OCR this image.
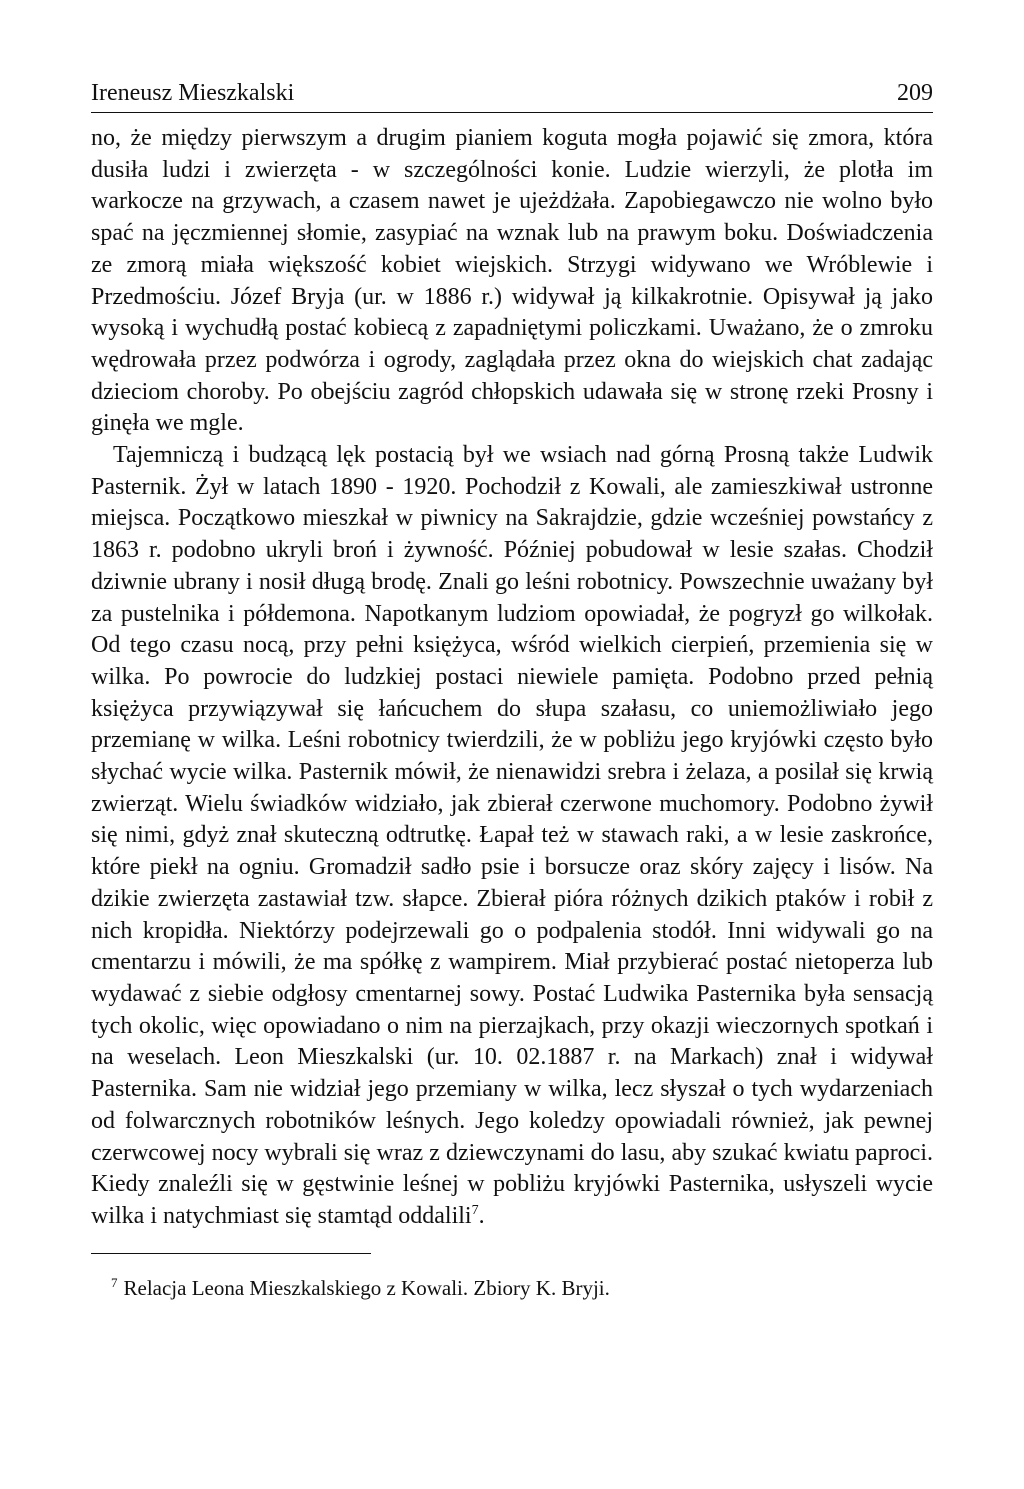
Ireneusz Mieszkalski	209

no, że między pierwszym a drugim pianiem koguta mogła pojawić się zmora, która dusiła ludzi i zwierzęta - w szczególności konie. Ludzie wierzyli, że plotła im warkocze na grzywach, a czasem nawet je ujeżdżała. Zapobiegawczo nie wolno było spać na jęczmiennej słomie, zasypiać na wznak lub na prawym boku. Doświadczenia ze zmorą miała większość kobiet wiejskich. Strzygi widywano we Wróblewie i Przedmościu. Józef Bryja (ur. w 1886 r.) widywał ją kilkakrotnie. Opisywał ją jako wysoką i wychudłą postać kobiecą z zapadniętymi policzkami. Uważano, że o zmroku wędrowała przez podwórza i ogrody, zaglądała przez okna do wiejskich chat zadając dzieciom choroby. Po obejściu zagród chłopskich udawała się w stronę rzeki Prosny i ginęła we mgle.

Tajemniczą i budzącą lęk postacią był we wsiach nad górną Prosną także Ludwik Pasternik. Żył w latach 1890 - 1920. Pochodził z Kowali, ale zamieszkiwał ustronne miejsca. Początkowo mieszkał w piwnicy na Sakrajdzie, gdzie wcześniej powstańcy z 1863 r. podobno ukryli broń i żywność. Później pobudował w lesie szałas. Chodził dziwnie ubrany i nosił długą brodę. Znali go leśni robotnicy. Powszechnie uważany był za pustelnika i półdemona. Napotkanym ludziom opowiadał, że pogryzł go wilkołak. Od tego czasu nocą, przy pełni księżyca, wśród wielkich cierpień, przemienia się w wilka. Po powrocie do ludzkiej postaci niewiele pamięta. Podobno przed pełnią księżyca przywiązywał się łańcuchem do słupa szałasu, co uniemożliwiało jego przemianę w wilka. Leśni robotnicy twierdzili, że w pobliżu jego kryjówki często było słychać wycie wilka. Pasternik mówił, że nienawidzi srebra i żelaza, a posilał się krwią zwierząt. Wielu świadków widziało, jak zbierał czerwone muchomory. Podobno żywił się nimi, gdyż znał skuteczną odtrutkę. Łapał też w stawach raki, a w lesie zaskrońce, które piekł na ogniu. Gromadził sadło psie i borsucze oraz skóry zajęcy i lisów. Na dzikie zwierzęta zastawiał tzw. słapce. Zbierał pióra różnych dzikich ptaków i robił z nich kropidła. Niektórzy podejrzewali go o podpalenia stodół. Inni widywali go na cmentarzu i mówili, że ma spółkę z wampirem. Miał przybierać postać nietoperza lub wydawać z siebie odgłosy cmentarnej sowy. Postać Ludwika Pasternika była sensacją tych okolic, więc opowiadano o nim na pierzajkach, przy okazji wieczornych spotkań i na weselach. Leon Mieszkalski (ur. 10. 02.1887 r. na Markach) znał i widywał Pasternika. Sam nie widział jego przemiany w wilka, lecz słyszał o tych wydarzeniach od folwarcznych robotników leśnych. Jego koledzy opowiadali również, jak pewnej czerwcowej nocy wybrali się wraz z dziewczynami do lasu, aby szukać kwiatu paproci. Kiedy znaleźli się w gęstwinie leśnej w pobliżu kryjówki Pasternika, usłyszeli wycie wilka i natychmiast się stamtąd oddalili$^7$.

$^7$ Relacja Leona Mieszkalskiego z Kowali. Zbiory K. Bryji.
